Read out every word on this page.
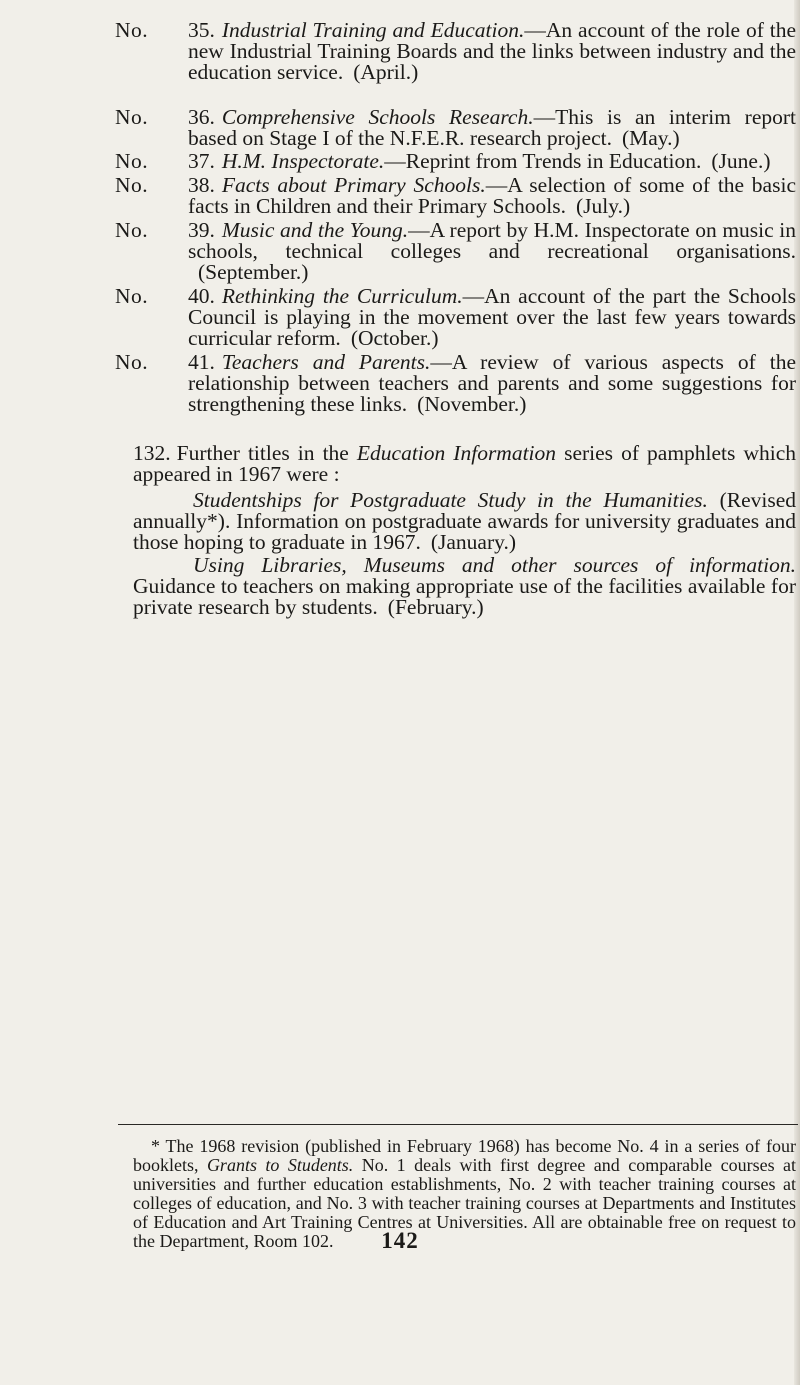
No. 35. Industrial Training and Education.—An account of the role of the new Industrial Training Boards and the links between industry and the education service. (April.)
No. 36. Comprehensive Schools Research.—This is an interim report based on Stage I of the N.F.E.R. research project. (May.)
No. 37. H.M. Inspectorate.—Reprint from Trends in Education. (June.)
No. 38. Facts about Primary Schools.—A selection of some of the basic facts in Children and their Primary Schools. (July.)
No. 39. Music and the Young.—A report by H.M. Inspectorate on music in schools, technical colleges and recreational organisations.(September.)
No. 40. Rethinking the Curriculum.—An account of the part the Schools Council is playing in the movement over the last few years towards curricular reform. (October.)
No. 41. Teachers and Parents.—A review of various aspects of the relationship between teachers and parents and some suggestions for strengthening these links. (November.)
132. Further titles in the Education Information series of pamphlets which appeared in 1967 were :
Studentships for Postgraduate Study in the Humanities. (Revised annually*). Information on postgraduate awards for university graduates and those hoping to graduate in 1967. (January.)
Using Libraries, Museums and other sources of information. Guidance to teachers on making appropriate use of the facilities available for private research by students. (February.)
* The 1968 revision (published in February 1968) has become No. 4 in a series of four booklets, Grants to Students. No. 1 deals with first degree and comparable courses at universities and further education establishments, No. 2 with teacher training courses at colleges of education, and No. 3 with teacher training courses at Departments and Institutes of Education and Art Training Centres at Universities. All are obtainable free on request to the Department, Room 102.	142
